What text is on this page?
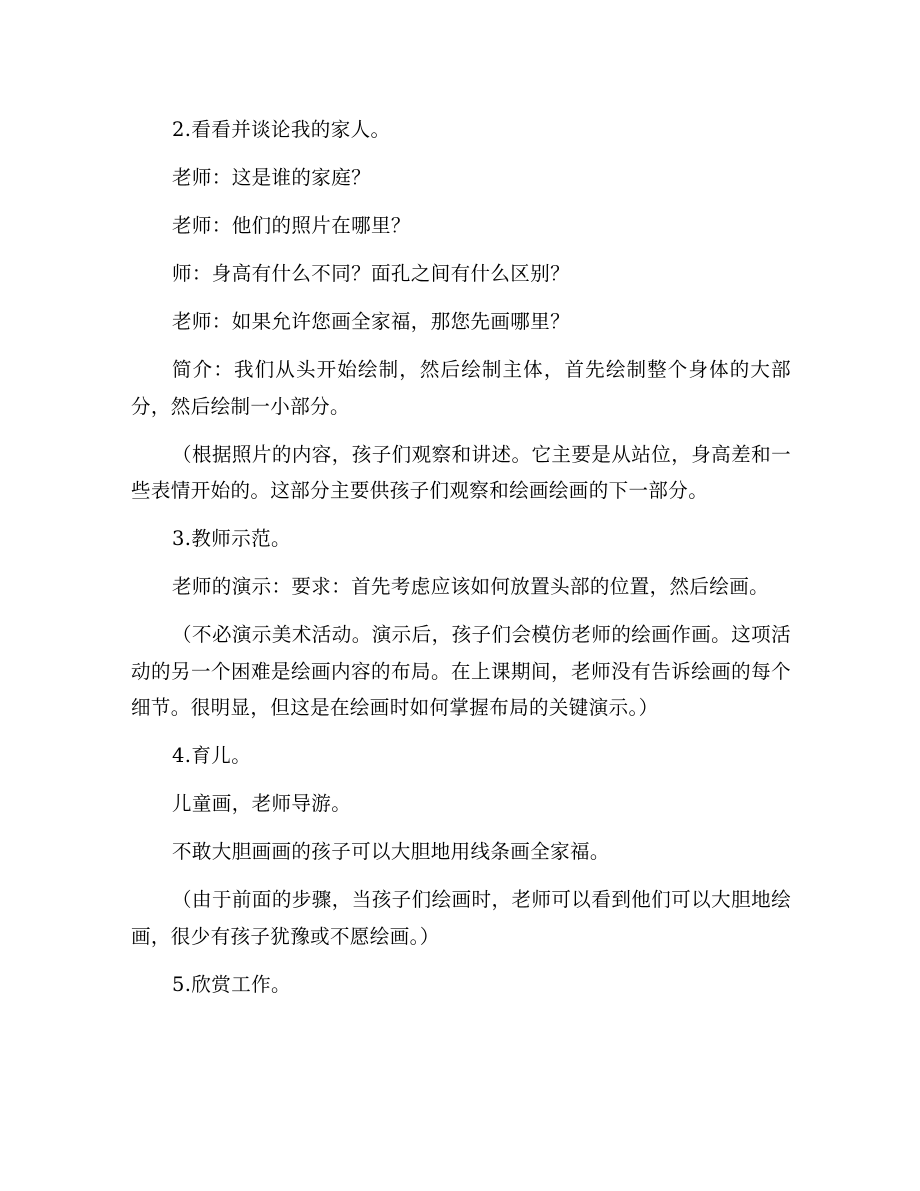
2.看看并谈论我的家人。

老师：这是谁的家庭？

老师：他们的照片在哪里？

师：身高有什么不同？面孔之间有什么区别？

老师：如果允许您画全家福，那您先画哪里？

简介：我们从头开始绘制，然后绘制主体，首先绘制整个身体的大部分，然后绘制一小部分。

（根据照片的内容，孩子们观察和讲述。它主要是从站位，身高差和一些表情开始的。这部分主要供孩子们观察和绘画绘画的下一部分。

3.教师示范。

老师的演示：要求：首先考虑应该如何放置头部的位置，然后绘画。

（不必演示美术活动。演示后，孩子们会模仿老师的绘画作画。这项活动的另一个困难是绘画内容的布局。在上课期间，老师没有告诉绘画的每个细节。很明显，但这是在绘画时如何掌握布局的关键演示。）

4.育儿。

儿童画，老师导游。

不敢大胆画画的孩子可以大胆地用线条画全家福。

（由于前面的步骤，当孩子们绘画时，老师可以看到他们可以大胆地绘画，很少有孩子犹豫或不愿绘画。）

5.欣赏工作。
